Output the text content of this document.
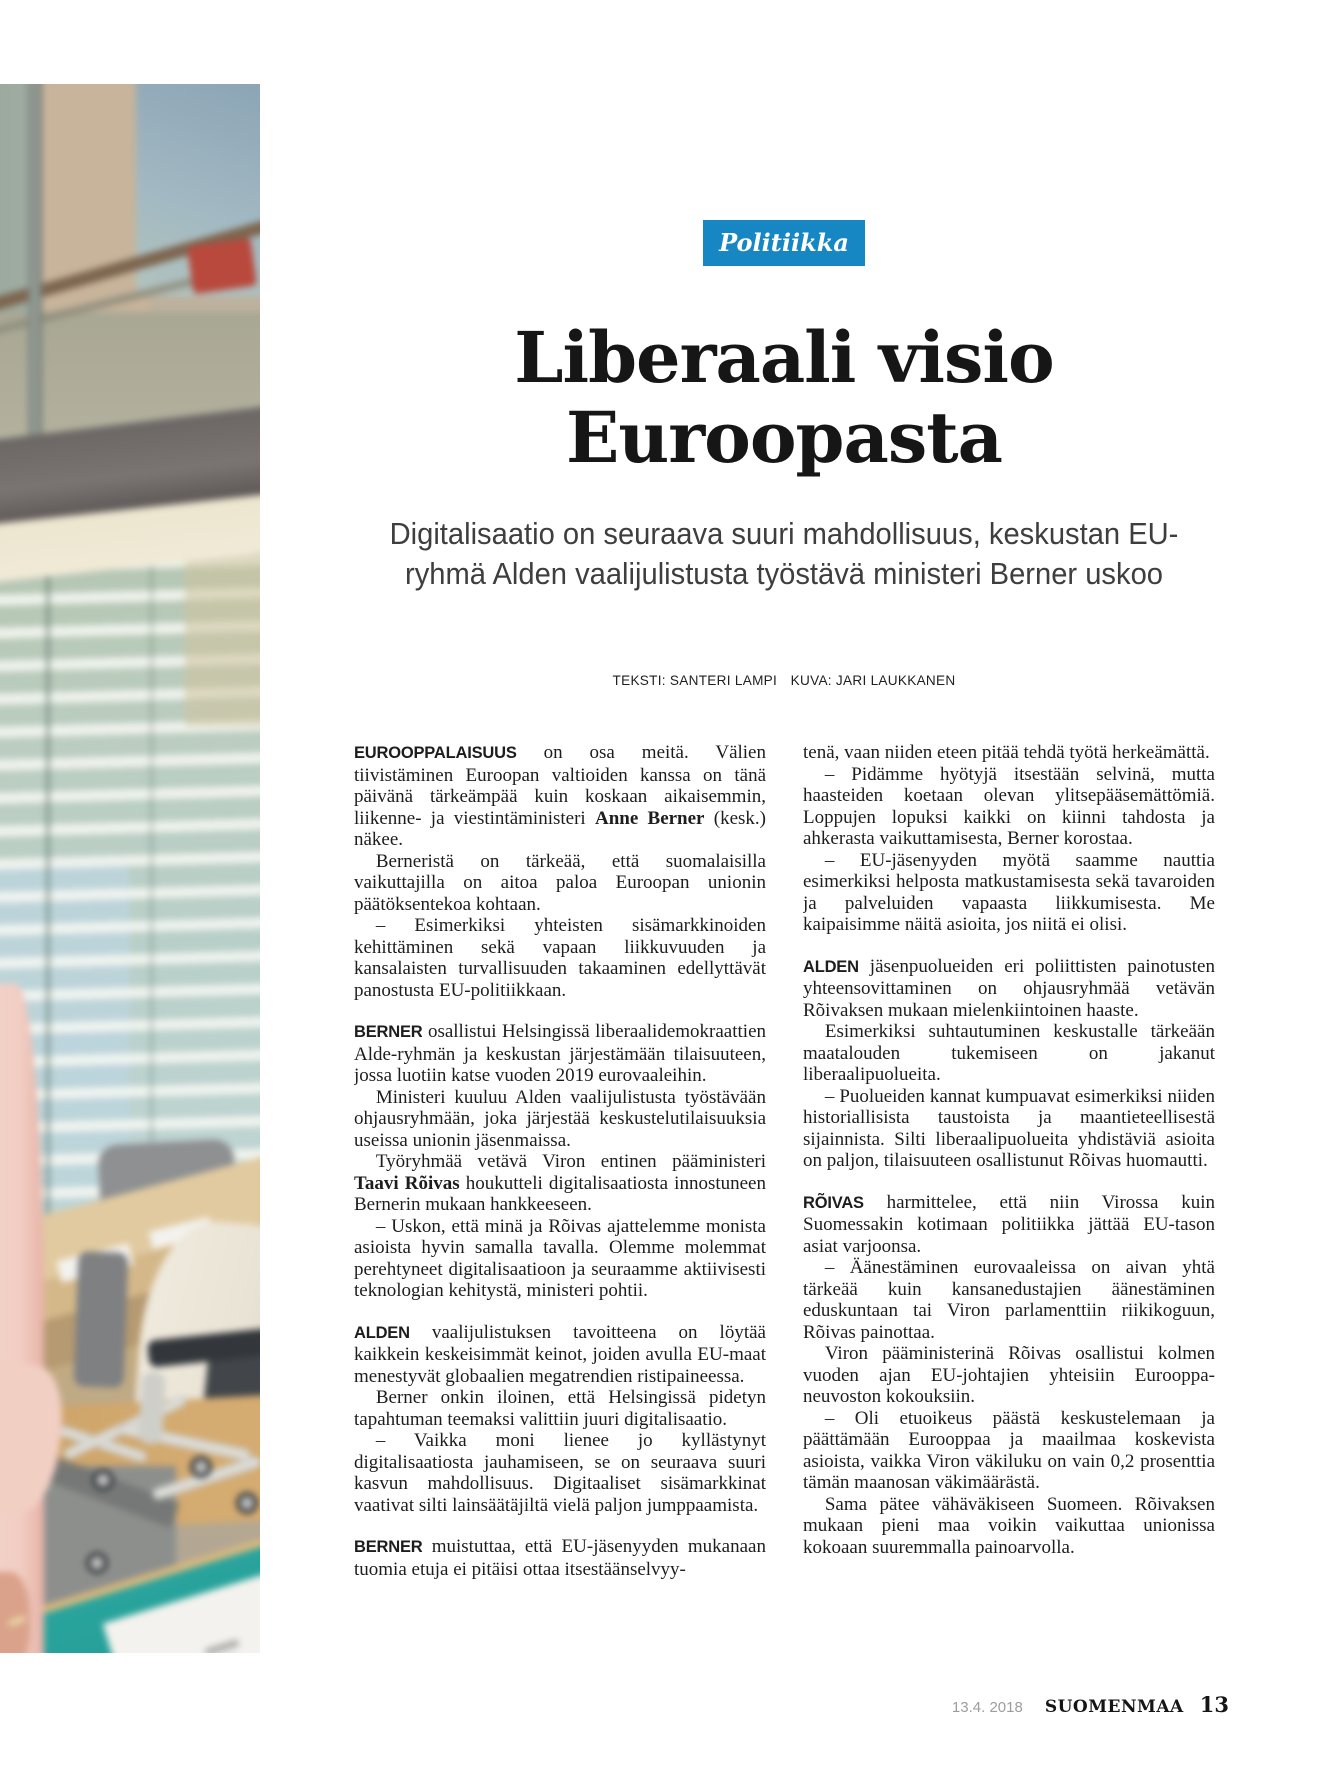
Politiikka
Liberaali visio
Euroopasta

Digitalisaatio on seuraava suuri mahdollisuus, keskustan EU-ryhmä Alden vaalijulistusta työstävä ministeri Berner uskoo

TEKSTI: SANTERI LAMPI KUVA: JARI LAUKKANEN

EUROOPPALAISUUS on osa meitä. Välien tiivistäminen Euroopan valtioiden kanssa on tänä päivänä tärkeämpää kuin koskaan aikaisemmin, liikenne- ja viestintäministeri Anne Berner (kesk.) näkee.

Berneristä on tärkeää, että suomalaisilla vaikuttajilla on aitoa paloa Euroopan unionin päätöksentekoa kohtaan.

– Esimerkiksi yhteisten sisämarkkinoiden kehittäminen sekä vapaan liikkuvuuden ja kansalaisten turvallisuuden takaaminen edellyttävät panostusta EU-politiikkaan.

BERNER osallistui Helsingissä liberaalidemokraattien Alde-ryhmän ja keskustan järjestämään tilaisuuteen, jossa luotiin katse vuoden 2019 eurovaaleihin.

Ministeri kuuluu Alden vaalijulistusta työstävään ohjausryhmään, joka järjestää keskustelutilaisuuksia useissa unionin jäsenmaissa.

Työryhmää vetävä Viron entinen pääministeri Taavi Rõivas houkutteli digitalisaatiosta innostuneen Bernerin mukaan hankkeeseen.

– Uskon, että minä ja Rõivas ajattelemme monista asioista hyvin samalla tavalla. Olemme molemmat perehtyneet digitalisaatioon ja seuraamme aktiivisesti teknologian kehitystä, ministeri pohtii.

ALDEN vaalijulistuksen tavoitteena on löytää kaikkein keskeisimmät keinot, joiden avulla EU-maat menestyvät globaalien megatrendien ristipaineessa.

Berner onkin iloinen, että Helsingissä pidetyn tapahtuman teemaksi valittiin juuri digitalisaatio.

– Vaikka moni lienee jo kyllästynyt digitalisaatiosta jauhamiseen, se on seuraava suuri kasvun mahdollisuus. Digitaaliset sisämarkkinat vaativat silti lainsäätäjiltä vielä paljon jumppaamista.

BERNER muistuttaa, että EU-jäsenyyden mukanaan tuomia etuja ei pitäisi ottaa itsestäänselvyy-

tenä, vaan niiden eteen pitää tehdä työtä herkeämättä.

– Pidämme hyötyjä itsestään selvinä, mutta haasteiden koetaan olevan ylitsepääsemättömiä. Loppujen lopuksi kaikki on kiinni tahdosta ja ahkerasta vaikuttamisesta, Berner korostaa.

– EU-jäsenyyden myötä saamme nauttia esimerkiksi helposta matkustamisesta sekä tavaroiden ja palveluiden vapaasta liikkumisesta. Me kaipaisimme näitä asioita, jos niitä ei olisi.

ALDEN jäsenpuolueiden eri poliittisten painotusten yhteensovittaminen on ohjausryhmää vetävän Rõivaksen mukaan mielenkiintoinen haaste.

Esimerkiksi suhtautuminen keskustalle tärkeään maatalouden tukemiseen on jakanut liberaalipuolueita.

– Puolueiden kannat kumpuavat esimerkiksi niiden historiallisista taustoista ja maantieteellisestä sijainnista. Silti liberaalipuolueita yhdistäviä asioita on paljon, tilaisuuteen osallistunut Rõivas huomautti.

RÕIVAS harmittelee, että niin Virossa kuin Suomessakin kotimaan politiikka jättää EU-tason asiat varjoonsa.

– Äänestäminen eurovaaleissa on aivan yhtä tärkeää kuin kansanedustajien äänestäminen eduskuntaan tai Viron parlamenttiin riikikoguun, Rõivas painottaa.

Viron pääministerinä Rõivas osallistui kolmen vuoden ajan EU-johtajien yhteisiin Eurooppa-neuvoston kokouksiin.

– Oli etuoikeus päästä keskustelemaan ja päättämään Eurooppaa ja maailmaa koskevista asioista, vaikka Viron väkiluku on vain 0,2 prosenttia tämän maanosan väkimäärästä.

Sama pätee vähäväkiseen Suomeen. Rõivaksen mukaan pieni maa voikin vaikuttaa unionissa kokoaan suuremmalla painoarvolla.

13.4. 2018 SUOMENMAA 13
